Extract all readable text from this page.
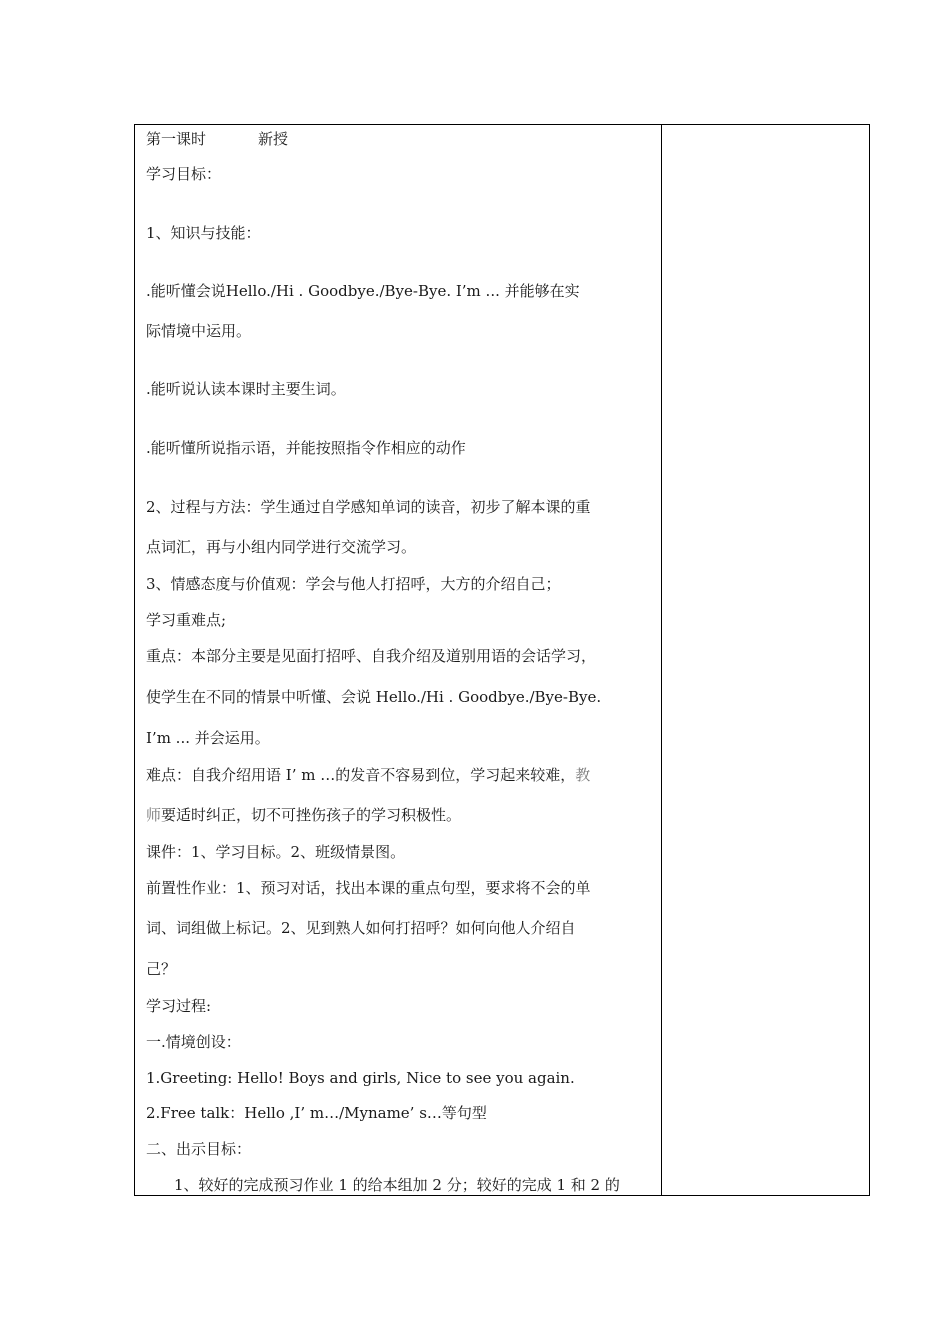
第一课时	新授
学习目标：
1、知识与技能：
.能听懂会说Hello./Hi . Goodbye./Bye-Bye. I’m ... 并能够在实
际情境中运用。
.能听说认读本课时主要生词。
.能听懂所说指示语，并能按照指令作相应的动作
2、过程与方法：学生通过自学感知单词的读音，初步了解本课的重
点词汇，再与小组内同学进行交流学习。
3、情感态度与价值观：学会与他人打招呼，大方的介绍自己；
学习重难点;
重点：本部分主要是见面打招呼、自我介绍及道别用语的会话学习，
使学生在不同的情景中听懂、会说 Hello./Hi . Goodbye./Bye-Bye.
I’m ... 并会运用。
难点：自我介绍用语 I’ m …的发音不容易到位，学习起来较难，教
师要适时纠正，切不可挫伤孩子的学习积极性。
课件：1、学习目标。2、班级情景图。
前置性作业：1、预习对话，找出本课的重点句型，要求将不会的单
词、词组做上标记。2、见到熟人如何打招呼？如何向他人介绍自
己？
学习过程:
一.情境创设：
1.Greeting: Hello! Boys and girls, Nice to see you again.
2.Free talk：Hello ,I’ m…/Myname’ s…等句型
二、出示目标：
1、较好的完成预习作业 1 的给本组加 2 分；较好的完成 1 和 2 的
